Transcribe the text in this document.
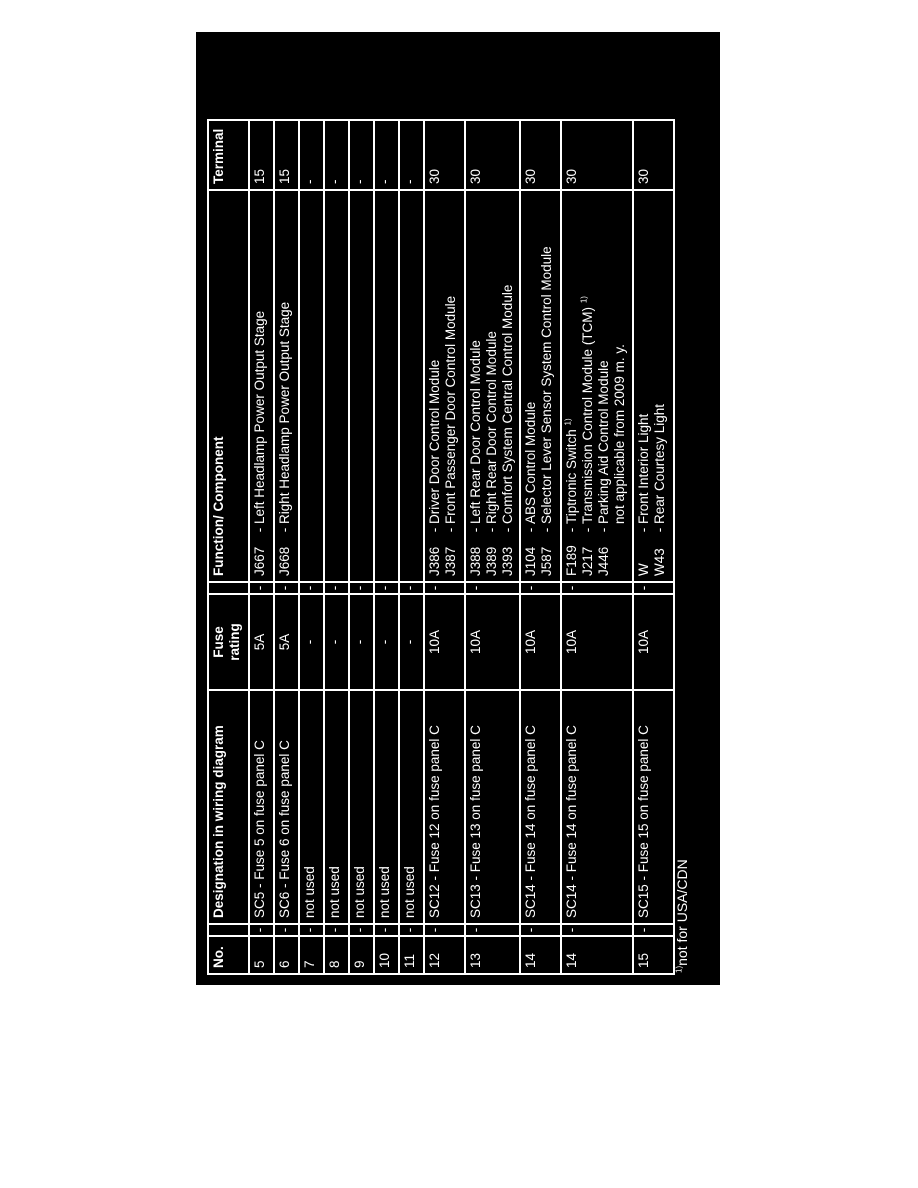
No.		Designation in wiring diagram	Fuse rating		Function/ Component	Terminal
5	-	SC5 - Fuse 5 on fuse panel C	5A	-	J667-Left Headlamp Power Output Stage	15
6	-	SC6 - Fuse 6 on fuse panel C	5A	-	J668-Right Headlamp Power Output Stage	15
7	-	not used	-	-		-
8	-	not used	-	-		-
9	-	not used	-	-		-
10	-	not used	-	-		-
11	-	not used	-	-		-
12	-	SC12 - Fuse 12 on fuse panel C	10A	-	J386-Driver Door Control Module
J387-Front Passenger Door Control Module	30
13	-	SC13 - Fuse 13 on fuse panel C	10A	-	J388-Left Rear Door Control Module
J389-Right Rear Door Control Module
J393-Comfort System Central Control Module	30
14	-	SC14 - Fuse 14 on fuse panel C	10A	-	J104-ABS Control Module
J587-Selector Lever Sensor System Control Module	30
14	-	SC14 - Fuse 14 on fuse panel C	10A	-	F189-Tiptronic Switch $^{1)}$
J217-Transmission Control Module (TCM) $^{1)}$
J446-Parking Aid Control Module not applicable from 2009 m. y.	30
15	-	SC15 - Fuse 15 on fuse panel C	10A	-	W-Front Interior Light
W43-Rear Courtesy Light	30
$^{1)}$not for USA/CDN
